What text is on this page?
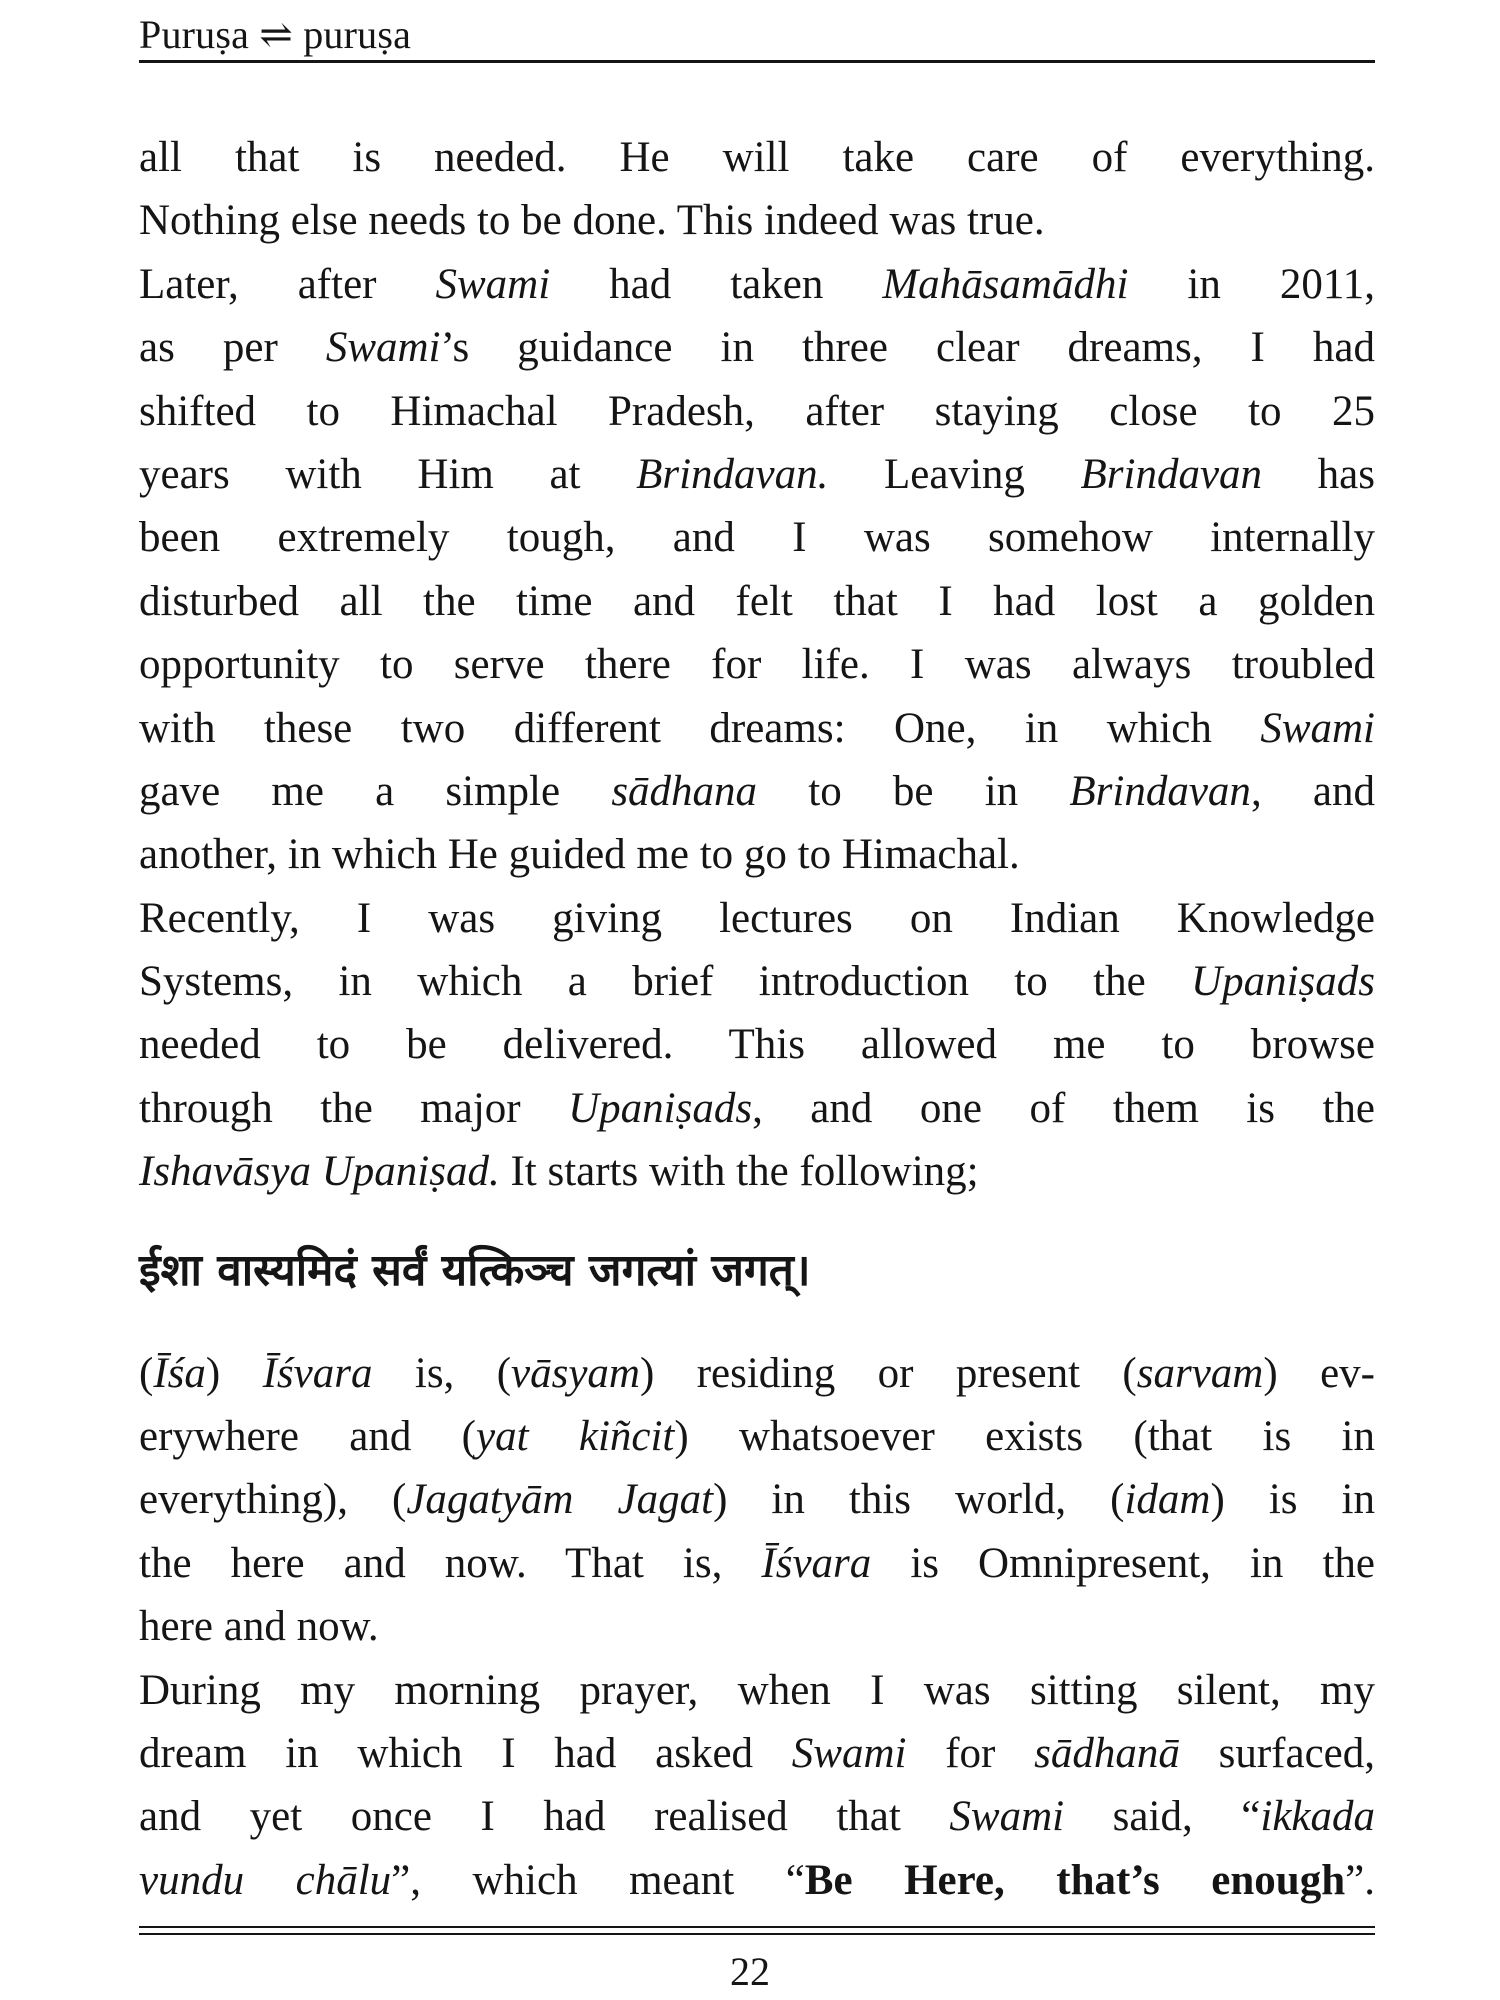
Puruṣa ⇌ puruṣa
all that is needed. He will take care of everything.
Nothing else needs to be done. This indeed was true.
Later, after Swami had taken Mahāsamādhi in 2011,
as per Swami’s guidance in three clear dreams, I had
shifted to Himachal Pradesh, after staying close to 25
years with Him at Brindavan. Leaving Brindavan has
been extremely tough, and I was somehow internally
disturbed all the time and felt that I had lost a golden
opportunity to serve there for life. I was always troubled
with these two different dreams: One, in which Swami
gave me a simple sādhana to be in Brindavan, and
another, in which He guided me to go to Himachal.
Recently, I was giving lectures on Indian Knowledge
Systems, in which a brief introduction to the Upaniṣads
needed to be delivered. This allowed me to browse
through the major Upaniṣads, and one of them is the
Ishavāsya Upaniṣad. It starts with the following;
ईशा वास्यमिदं सर्वं यत्किञ्च जगत्यां जगत्।
(Īśa) Īśvara is, (vāsyam) residing or present (sarvam) ev-
erywhere and (yat kiñcit) whatsoever exists (that is in
everything), (Jagatyām Jagat) in this world, (idam) is in
the here and now. That is, Īśvara is Omnipresent, in the
here and now.
During my morning prayer, when I was sitting silent, my
dream in which I had asked Swami for sādhanā surfaced,
and yet once I had realised that Swami said, “ikkada
vundu chālu”, which meant “Be Here, that’s enough”.
22
